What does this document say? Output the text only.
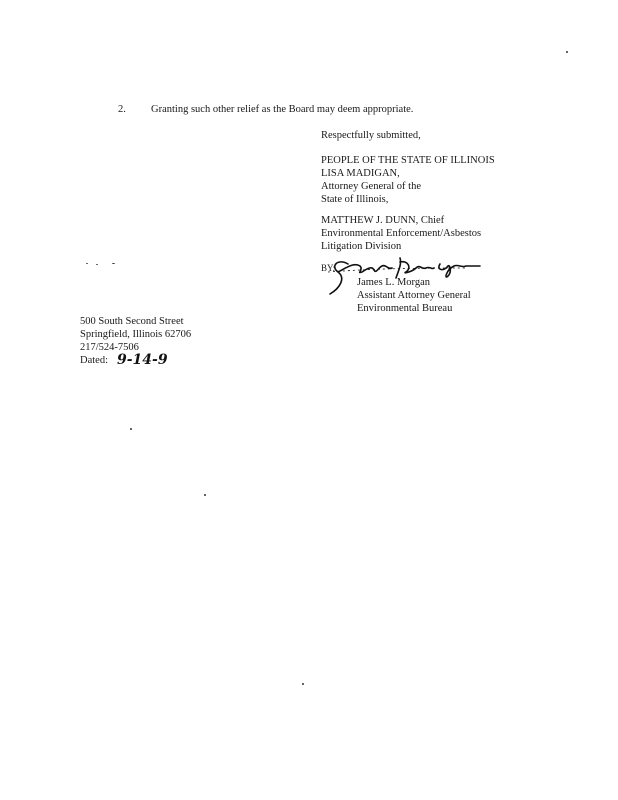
2. Granting such other relief as the Board may deem appropriate.
Respectfully submitted,
PEOPLE OF THE STATE OF ILLINOIS
LISA MADIGAN,
Attorney General of the
State of Illinois,
MATTHEW J. DUNN, Chief
Environmental Enforcement/Asbestos
Litigation Division
BY:
James L. Morgan
Assistant Attorney General
Environmental Bureau
500 South Second Street
Springfield, Illinois 62706
217/524-7506
Dated: 9-14-9
